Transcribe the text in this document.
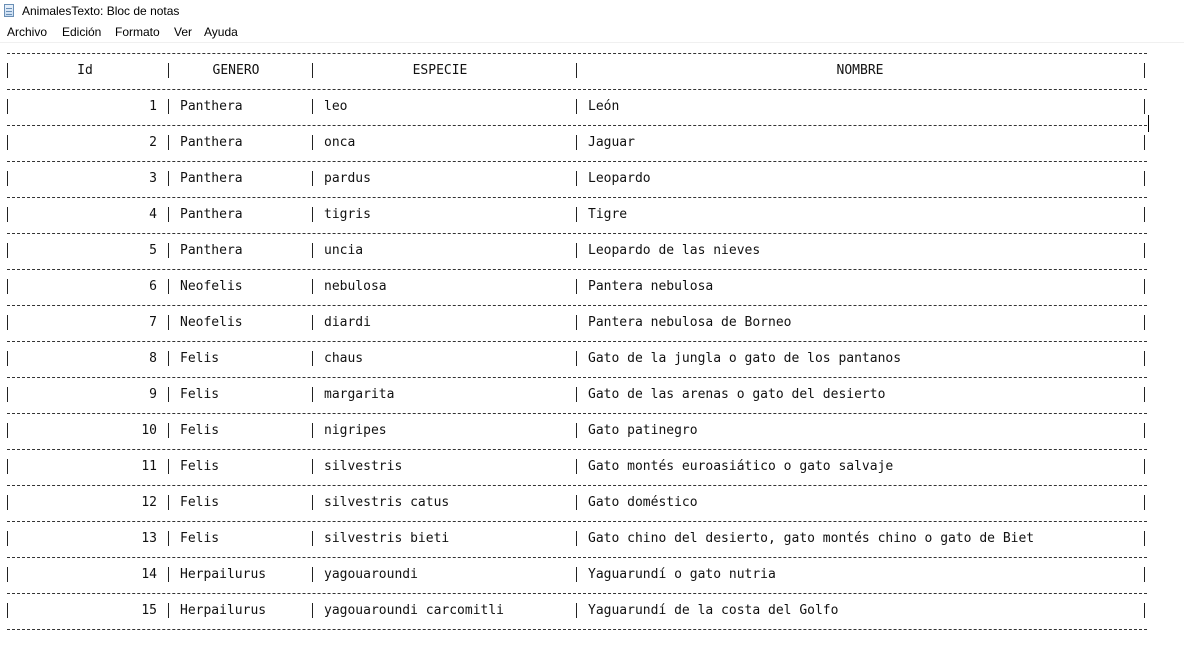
AnimalesTexto: Bloc de notas
Archivo Edición Formato Ver Ayuda
Id	GENERO	ESPECIE	NOMBRE
1 Panthera	leo	León
2 Panthera	onca	Jaguar
3 Panthera	pardus	Leopardo
4 Panthera	tigris	Tigre
5 Panthera	uncia	Leopardo de las nieves
6 Neofelis	nebulosa	Pantera nebulosa
7 Neofelis	diardi	Pantera nebulosa de Borneo
8 Felis	chaus	Gato de la jungla o gato de los pantanos
9 Felis	margarita	Gato de las arenas o gato del desierto
10 Felis	nigripes	Gato patinegro
11 Felis	silvestris	Gato montés euroasiático o gato salvaje
12 Felis	silvestris catus	Gato doméstico
13 Felis	silvestris bieti	Gato chino del desierto, gato montés chino o gato de Biet
14 Herpailurus	yagouaroundi	Yaguarundí o gato nutria
15 Herpailurus	yagouaroundi carcomitli	Yaguarundí de la costa del Golfo
